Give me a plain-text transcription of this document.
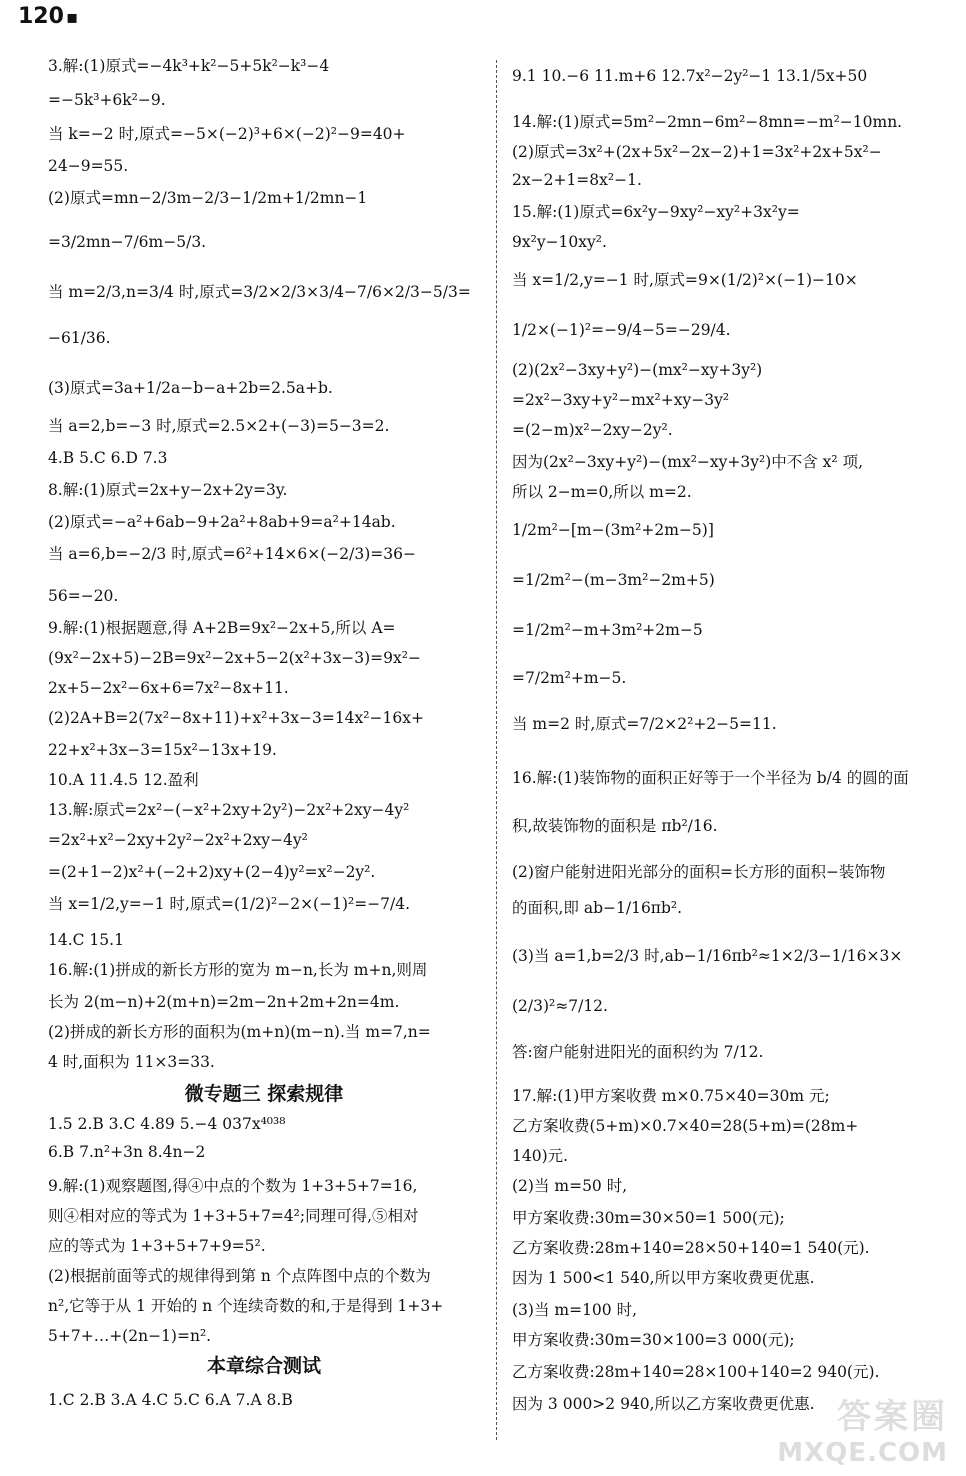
120 ▪
3.解:(1)原式=−4k³+k²−5+5k²−k³−4
=−5k³+6k²−9.
当 k=−2 时,原式=−5×(−2)³+6×(−2)²−9=40+
24−9=55.
(2)原式=mn−2/3m−2/3−1/2m+1/2mn−1
=3/2mn−7/6m−5/3.
当 m=2/3,n=3/4 时,原式=3/2×2/3×3/4−7/6×2/3−5/3=
−61/36.
(3)原式=3a+1/2a−b−a+2b=2.5a+b.
当 a=2,b=−3 时,原式=2.5×2+(−3)=5−3=2.
4.B 5.C 6.D 7.3
8.解:(1)原式=2x+y−2x+2y=3y.
(2)原式=−a²+6ab−9+2a²+8ab+9=a²+14ab.
当 a=6,b=−2/3 时,原式=6²+14×6×(−2/3)=36−
56=−20.
9.解:(1)根据题意,得 A+2B=9x²−2x+5,所以 A=
(9x²−2x+5)−2B=9x²−2x+5−2(x²+3x−3)=9x²−
2x+5−2x²−6x+6=7x²−8x+11.
(2)2A+B=2(7x²−8x+11)+x²+3x−3=14x²−16x+
22+x²+3x−3=15x²−13x+19.
10.A 11.4.5 12.盈利
13.解:原式=2x²−(−x²+2xy+2y²)−2x²+2xy−4y²
=2x²+x²−2xy+2y²−2x²+2xy−4y²
=(2+1−2)x²+(−2+2)xy+(2−4)y²=x²−2y².
当 x=1/2,y=−1 时,原式=(1/2)²−2×(−1)²=−7/4.
14.C 15.1
16.解:(1)拼成的新长方形的宽为 m−n,长为 m+n,则周
长为 2(m−n)+2(m+n)=2m−2n+2m+2n=4m.
(2)拼成的新长方形的面积为(m+n)(m−n).当 m=7,n=
4 时,面积为 11×3=33.
微专题三 探索规律
本章综合测试
1.5 2.B 3.C 4.89 5.−4 037x⁴⁰³⁸
6.B 7.n²+3n 8.4n−2
9.解:(1)观察题图,得④中点的个数为 1+3+5+7=16,
则④相对应的等式为 1+3+5+7=4²;同理可得,⑤相对
应的等式为 1+3+5+7+9=5².
(2)根据前面等式的规律得到第 n 个点阵图中点的个数为
n²,它等于从 1 开始的 n 个连续奇数的和,于是得到 1+3+
5+7+…+(2n−1)=n².
1.C 2.B 3.A 4.C 5.C 6.A 7.A 8.B
9.1 10.−6 11.m+6 12.7x²−2y²−1 13.1/5x+50
14.解:(1)原式=5m²−2mn−6m²−8mn=−m²−10mn.
(2)原式=3x²+(2x+5x²−2x−2)+1=3x²+2x+5x²−
2x−2+1=8x²−1.
15.解:(1)原式=6x²y−9xy²−xy²+3x²y=
9x²y−10xy².
当 x=1/2,y=−1 时,原式=9×(1/2)²×(−1)−10×
1/2×(−1)²=−9/4−5=−29/4.
(2)(2x²−3xy+y²)−(mx²−xy+3y²)
=2x²−3xy+y²−mx²+xy−3y²
=(2−m)x²−2xy−2y².
因为(2x²−3xy+y²)−(mx²−xy+3y²)中不含 x² 项,
所以 2−m=0,所以 m=2.
1/2m²−[m−(3m²+2m−5)]
=1/2m²−(m−3m²−2m+5)
=1/2m²−m+3m²+2m−5
=7/2m²+m−5.
当 m=2 时,原式=7/2×2²+2−5=11.
16.解:(1)装饰物的面积正好等于一个半径为 b/4 的圆的面
积,故装饰物的面积是 πb²/16.
(2)窗户能射进阳光部分的面积=长方形的面积−装饰物
的面积,即 ab−1/16πb².
(3)当 a=1,b=2/3 时,ab−1/16πb²≈1×2/3−1/16×3×
(2/3)²≈7/12.
答:窗户能射进阳光的面积约为 7/12.
17.解:(1)甲方案收费 m×0.75×40=30m 元;
乙方案收费(5+m)×0.7×40=28(5+m)=(28m+
140)元.
(2)当 m=50 时,
甲方案收费:30m=30×50=1 500(元);
乙方案收费:28m+140=28×50+140=1 540(元).
因为 1 500<1 540,所以甲方案收费更优惠.
(3)当 m=100 时,
甲方案收费:30m=30×100=3 000(元);
乙方案收费:28m+140=28×100+140=2 940(元).
因为 3 000>2 940,所以乙方案收费更优惠. 答案圈
MXQE.COM
